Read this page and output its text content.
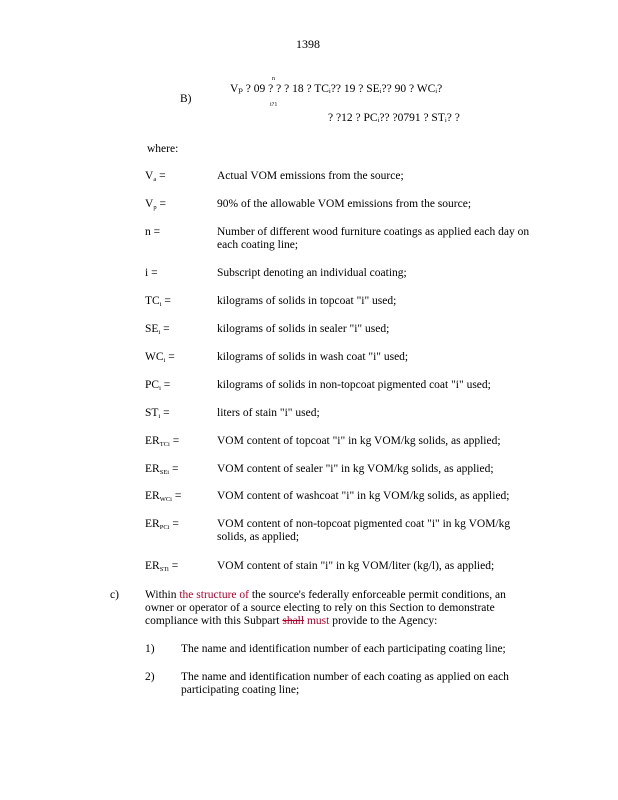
1398
B)
n
Vₚ ? 09 ? ? ? 18 ? TCᵢ?? 19 ? SEᵢ?? 90 ? WCᵢ?
i?1
? ?12 ? PCᵢ?? ?0791 ? STᵢ? ?
where:
$V_a$ =	Actual VOM emissions from the source;
$V_p$ =	90% of the allowable VOM emissions from the source;
n =	Number of different wood furniture coatings as applied each day on each coating line;
i =	Subscript denoting an individual coating;
$TC_i$ =	kilograms of solids in topcoat "i" used;
$SE_i$ =	kilograms of solids in sealer "i" used;
$WC_i$ =	kilograms of solids in wash coat "i" used;
$PC_i$ =	kilograms of solids in non-topcoat pigmented coat "i" used;
$ST_i$ =	liters of stain "i" used;
$ER_{TCi}$ =	VOM content of topcoat "i" in kg VOM/kg solids, as applied;
$ER_{SEi}$ =	VOM content of sealer "i" in kg VOM/kg solids, as applied;
$ER_{WCi}$ =	VOM content of washcoat "i" in kg VOM/kg solids, as applied;
$ER_{PCi}$ =	VOM content of non-topcoat pigmented coat "i" in kg VOM/kg solids, as applied;
$ER_{STi}$ =	VOM content of stain "i" in kg VOM/liter (kg/l), as applied;
c) Within the structure of the source's federally enforceable permit conditions, an owner or operator of a source electing to rely on this Section to demonstrate compliance with this Subpart shall must provide to the Agency:
1) The name and identification number of each participating coating line;
2) The name and identification number of each coating as applied on each participating coating line;
